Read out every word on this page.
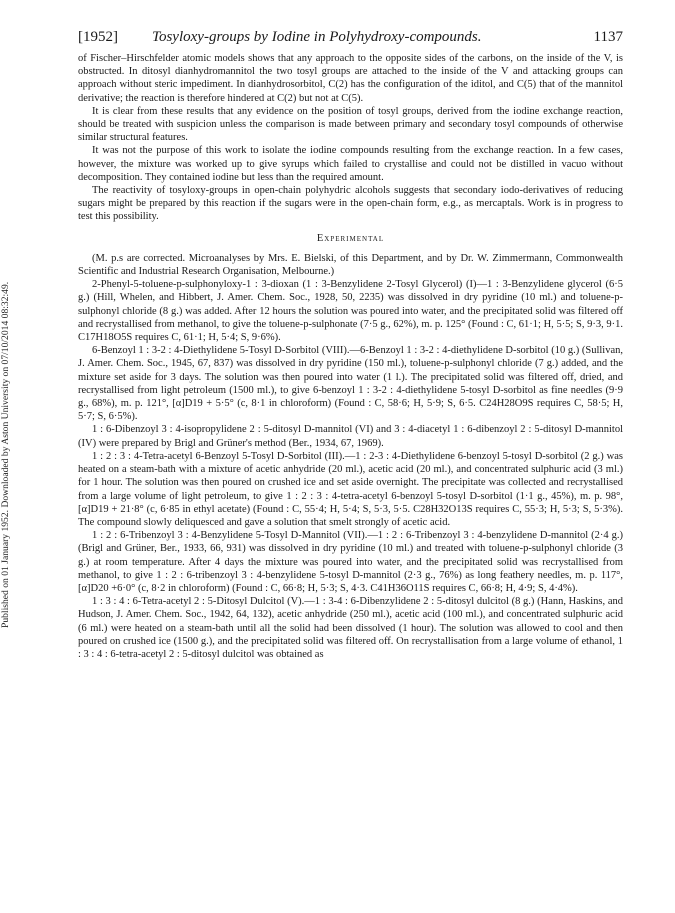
Published on 01 January 1952. Downloaded by Aston University on 07/10/2014 08:32:49.
[1952] Tosyloxy-groups by Iodine in Polyhydroxy-compounds.	1137

of Fischer–Hirschfelder atomic models shows that any approach to the opposite sides of the carbons, on the inside of the V, is obstructed. In ditosyl dianhydromannitol the two tosyl groups are attached to the inside of the V and attacking groups can approach without steric impediment. In dianhydrosorbitol, C(2) has the configuration of the iditol, and C(5) that of the mannitol derivative; the reaction is therefore hindered at C(2) but not at C(5).

It is clear from these results that any evidence on the position of tosyl groups, derived from the iodine exchange reaction, should be treated with suspicion unless the comparison is made between primary and secondary tosyl compounds of otherwise similar structural features.

It was not the purpose of this work to isolate the iodine compounds resulting from the exchange reaction. In a few cases, however, the mixture was worked up to give syrups which failed to crystallise and could not be distilled in vacuo without decomposition. They contained iodine but less than the required amount.

The reactivity of tosyloxy-groups in open-chain polyhydric alcohols suggests that secondary iodo-derivatives of reducing sugars might be prepared by this reaction if the sugars were in the open-chain form, e.g., as mercaptals. Work is in progress to test this possibility.

Experimental

(M. p.s are corrected. Microanalyses by Mrs. E. Bielski, of this Department, and by Dr. W. Zimmermann, Commonwealth Scientific and Industrial Research Organisation, Melbourne.)

2-Phenyl-5-toluene-p-sulphonyloxy-1 : 3-dioxan (1 : 3-Benzylidene 2-Tosyl Glycerol) (I)—1 : 3-Benzylidene glycerol (6·5 g.) (Hill, Whelen, and Hibbert, J. Amer. Chem. Soc., 1928, 50, 2235) was dissolved in dry pyridine (10 ml.) and toluene-p-sulphonyl chloride (8 g.) was added. After 12 hours the solution was poured into water, and the precipitated solid was filtered off and recrystallised from methanol, to give the toluene-p-sulphonate (7·5 g., 62%), m. p. 125° (Found : C, 61·1; H, 5·5; S, 9·3, 9·1. C17H18O5S requires C, 61·1; H, 5·4; S, 9·6%).

6-Benzoyl 1 : 3-2 : 4-Diethylidene 5-Tosyl D-Sorbitol (VIII).—6-Benzoyl 1 : 3-2 : 4-diethylidene D-sorbitol (10 g.) (Sullivan, J. Amer. Chem. Soc., 1945, 67, 837) was dissolved in dry pyridine (150 ml.), toluene-p-sulphonyl chloride (7 g.) added, and the mixture set aside for 3 days. The solution was then poured into water (1 l.). The precipitated solid was filtered off, dried, and recrystallised from light petroleum (1500 ml.), to give 6-benzoyl 1 : 3-2 : 4-diethylidene 5-tosyl D-sorbitol as fine needles (9·9 g., 68%), m. p. 121°, [α]D19 + 5·5° (c, 8·1 in chloroform) (Found : C, 58·6; H, 5·9; S, 6·5. C24H28O9S requires C, 58·5; H, 5·7; S, 6·5%).

1 : 6-Dibenzoyl 3 : 4-isopropylidene 2 : 5-ditosyl D-mannitol (VI) and 3 : 4-diacetyl 1 : 6-dibenzoyl 2 : 5-ditosyl D-mannitol (IV) were prepared by Brigl and Grüner's method (Ber., 1934, 67, 1969).

1 : 2 : 3 : 4-Tetra-acetyl 6-Benzoyl 5-Tosyl D-Sorbitol (III).—1 : 2-3 : 4-Diethylidene 6-benzoyl 5-tosyl D-sorbitol (2 g.) was heated on a steam-bath with a mixture of acetic anhydride (20 ml.), acetic acid (20 ml.), and concentrated sulphuric acid (3 ml.) for 1 hour. The solution was then poured on crushed ice and set aside overnight. The precipitate was collected and recrystallised from a large volume of light petroleum, to give 1 : 2 : 3 : 4-tetra-acetyl 6-benzoyl 5-tosyl D-sorbitol (1·1 g., 45%), m. p. 98°, [α]D19 + 21·8° (c, 6·85 in ethyl acetate) (Found : C, 55·4; H, 5·4; S, 5·3, 5·5. C28H32O13S requires C, 55·3; H, 5·3; S, 5·3%). The compound slowly deliquesced and gave a solution that smelt strongly of acetic acid.

1 : 2 : 6-Tribenzoyl 3 : 4-Benzylidene 5-Tosyl D-Mannitol (VII).—1 : 2 : 6-Tribenzoyl 3 : 4-benzylidene D-mannitol (2·4 g.) (Brigl and Grüner, Ber., 1933, 66, 931) was dissolved in dry pyridine (10 ml.) and treated with toluene-p-sulphonyl chloride (3 g.) at room temperature. After 4 days the mixture was poured into water, and the precipitated solid was recrystallised from methanol, to give 1 : 2 : 6-tribenzoyl 3 : 4-benzylidene 5-tosyl D-mannitol (2·3 g., 76%) as long feathery needles, m. p. 117°, [α]D20 +6·0° (c, 8·2 in chloroform) (Found : C, 66·8; H, 5·3; S, 4·3. C41H36O11S requires C, 66·8; H, 4·9; S, 4·4%).

1 : 3 : 4 : 6-Tetra-acetyl 2 : 5-Ditosyl Dulcitol (V).—1 : 3-4 : 6-Dibenzylidene 2 : 5-ditosyl dulcitol (8 g.) (Hann, Haskins, and Hudson, J. Amer. Chem. Soc., 1942, 64, 132), acetic anhydride (250 ml.), acetic acid (100 ml.), and concentrated sulphuric acid (6 ml.) were heated on a steam-bath until all the solid had been dissolved (1 hour). The solution was allowed to cool and then poured on crushed ice (1500 g.), and the precipitated solid was filtered off. On recrystallisation from a large volume of ethanol, 1 : 3 : 4 : 6-tetra-acetyl 2 : 5-ditosyl dulcitol was obtained as
